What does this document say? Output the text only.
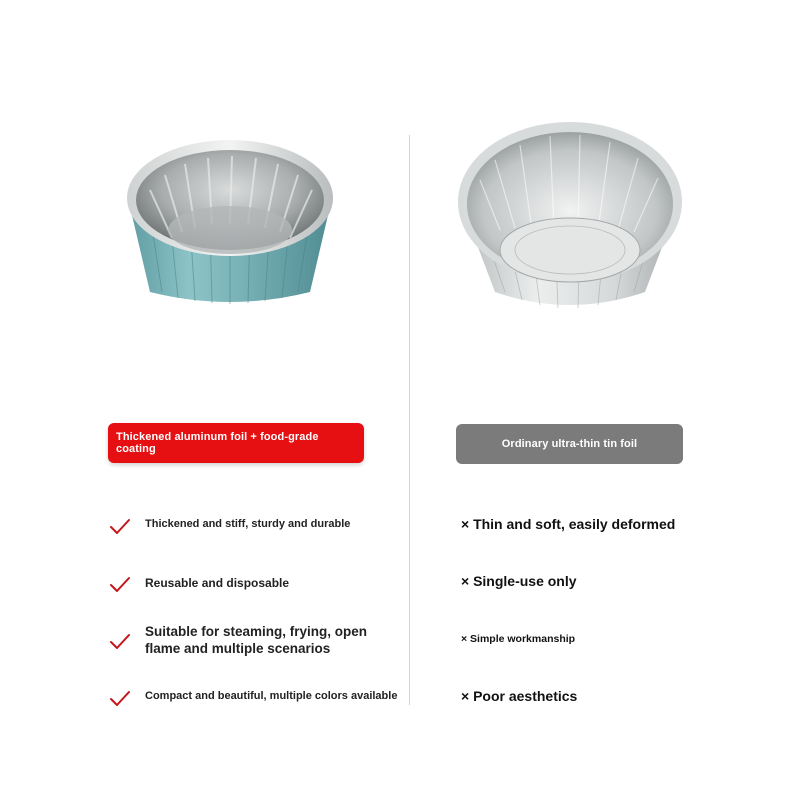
Thickened aluminum foil + food-grade coating	Ordinary ultra-thin tin foil
Thickened and stiff, sturdy and durable
Reusable and disposable
Suitable for steaming, frying, open flame and multiple scenarios
Compact and beautiful, multiple colors available
× Thin and soft, easily deformed
× Single-use only
× Simple workmanship
× Poor aesthetics
